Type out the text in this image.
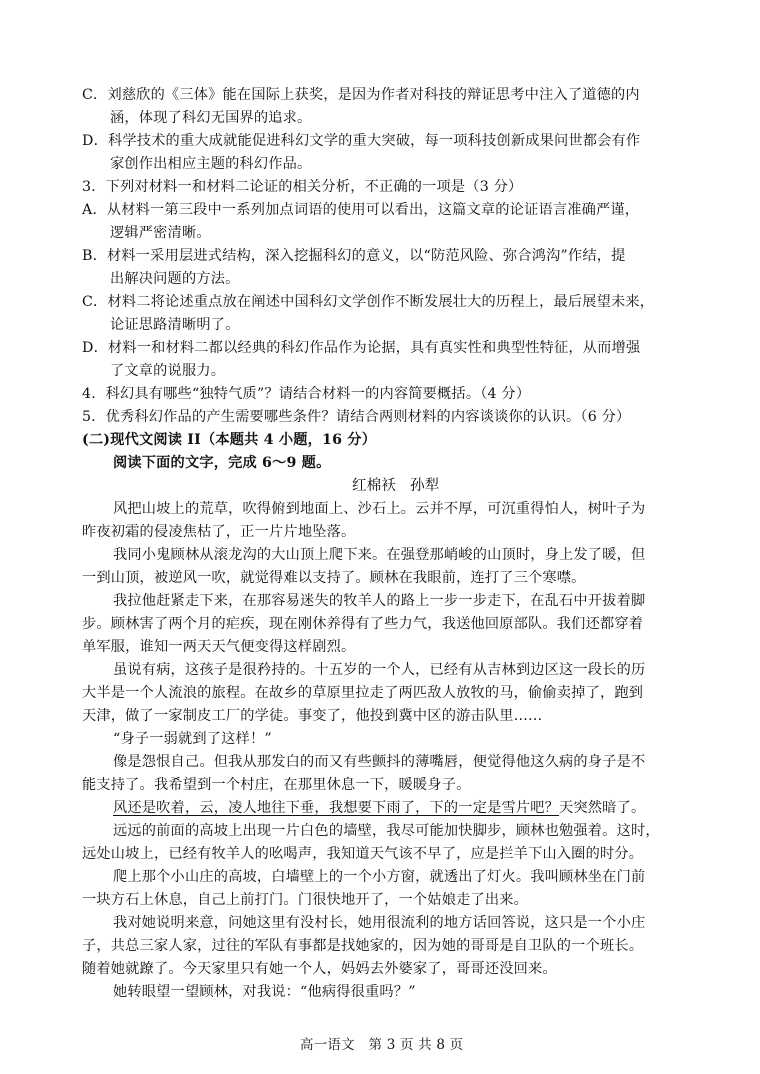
C．刘慈欣的《三体》能在国际上获奖，是因为作者对科技的辩证思考中注入了道德的内
涵，体现了科幻无国界的追求。
D．科学技术的重大成就能促进科幻文学的重大突破，每一项科技创新成果问世都会有作
家创作出相应主题的科幻作品。
3．下列对材料一和材料二论证的相关分析，不正确的一项是（3 分）
A．从材料一第三段中一系列加点词语的使用可以看出，这篇文章的论证语言准确严谨，
逻辑严密清晰。
B．材料一采用层进式结构，深入挖掘科幻的意义，以“防范风险、弥合鸿沟”作结，提
出解决问题的方法。
C．材料二将论述重点放在阐述中国科幻文学创作不断发展壮大的历程上，最后展望未来，
论证思路清晰明了。
D．材料一和材料二都以经典的科幻作品作为论据，具有真实性和典型性特征，从而增强
了文章的说服力。
4．科幻具有哪些“独特气质”？请结合材料一的内容简要概括。（4 分）
5．优秀科幻作品的产生需要哪些条件？请结合两则材料的内容谈谈你的认识。（6 分）
(二)现代文阅读 II（本题共 4 小题，16 分）
阅读下面的文字，完成 6～9 题。
红棉袄 孙犁
风把山坡上的荒草，吹得俯到地面上、沙石上。云并不厚，可沉重得怕人，树叶子为
昨夜初霜的侵凌焦枯了，正一片片地坠落。
我同小鬼顾林从滚龙沟的大山顶上爬下来。在强登那峭峻的山顶时，身上发了暖，但
一到山顶，被逆风一吹，就觉得难以支持了。顾林在我眼前，连打了三个寒噤。
我拉他赶紧走下来，在那容易迷失的牧羊人的路上一步一步走下，在乱石中开拔着脚
步。顾林害了两个月的疟疾，现在刚休养得有了些力气，我送他回原部队。我们还都穿着
单军服，谁知一两天天气便变得这样剧烈。
虽说有病，这孩子是很矜持的。十五岁的一个人，已经有从吉林到边区这一段长的历
大半是一个人流浪的旅程。在故乡的草原里拉走了两匹敌人放牧的马，偷偷卖掉了，跑到
天津，做了一家制皮工厂的学徒。事变了，他投到冀中区的游击队里……
“身子一弱就到了这样！”
像是怨恨自己。但我从那发白的而又有些颤抖的薄嘴唇，便觉得他这久病的身子是不
能支持了。我希望到一个村庄，在那里休息一下，暖暖身子。
风还是吹着，云，凌人地往下垂，我想要下雨了，下的一定是雪片吧？天突然暗了。
远远的前面的高坡上出现一片白色的墙壁，我尽可能加快脚步，顾林也勉强着。这时，
远处山坡上，已经有牧羊人的吆喝声，我知道天气该不早了，应是拦羊下山入圈的时分。
爬上那个小山庄的高坡，白墙壁上的一个小方窗，就透出了灯火。我叫顾林坐在门前
一块方石上休息，自己上前打门。门很快地开了，一个姑娘走了出来。
我对她说明来意，问她这里有没村长，她用很流利的地方话回答说，这只是一个小庄
子，共总三家人家，过往的军队有事都是找她家的，因为她的哥哥是自卫队的一个班长。
随着她就蹽了。今天家里只有她一个人，妈妈去外婆家了，哥哥还没回来。
她转眼望一望顾林，对我说：“他病得很重吗？”
高一语文　第 3 页 共 8 页
